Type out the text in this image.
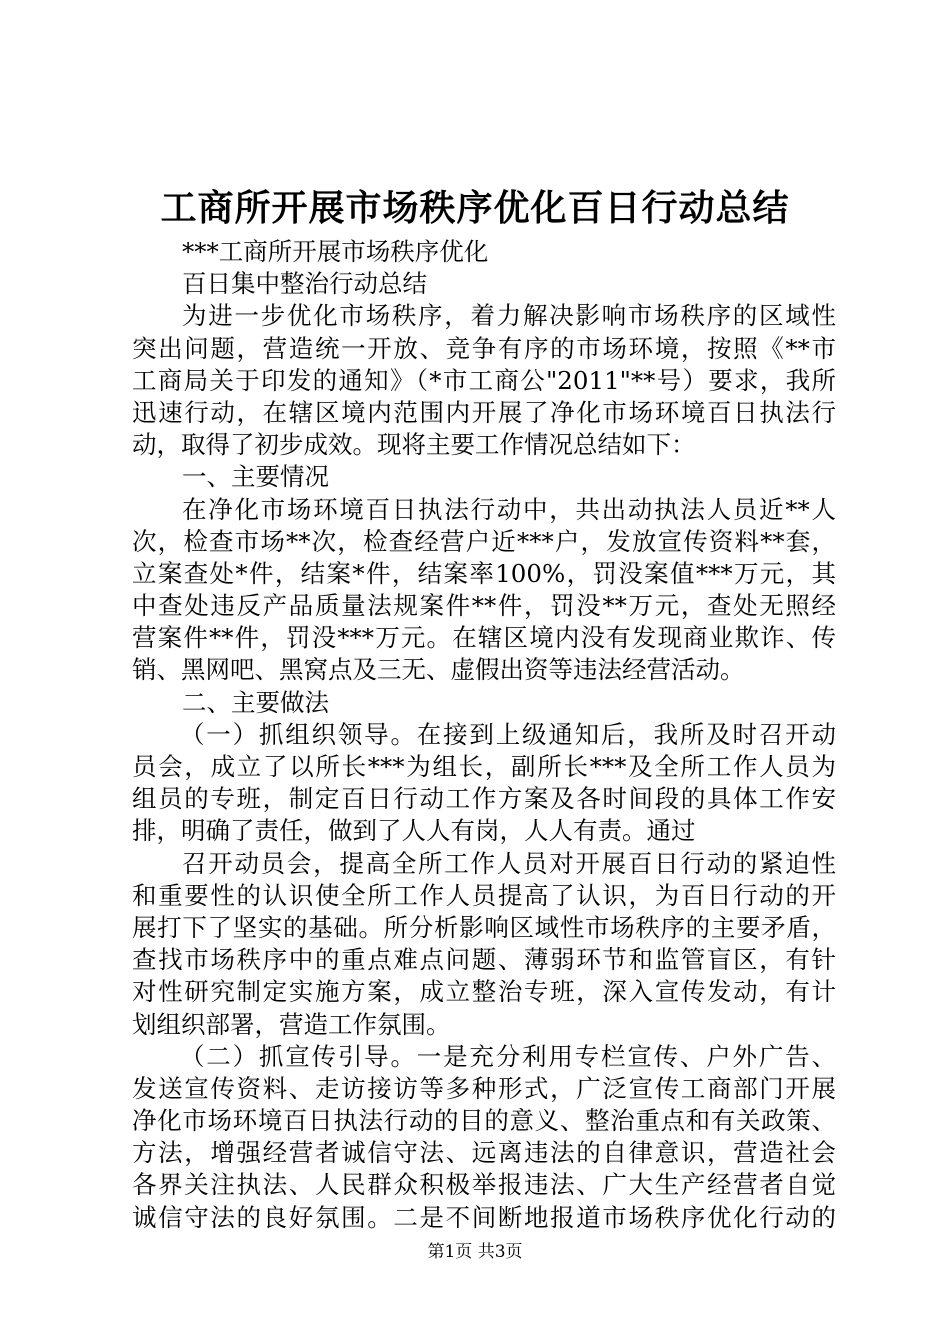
工商所开展市场秩序优化百日行动总结
***工商所开展市场秩序优化
百日集中整治行动总结
为进一步优化市场秩序，着力解决影响市场秩序的区域性
突出问题，营造统一开放、竞争有序的市场环境，按照《**市
工商局关于印发的通知》（*市工商公"2011"**号）要求，我所
迅速行动，在辖区境内范围内开展了净化市场环境百日执法行
动，取得了初步成效。现将主要工作情况总结如下：
一、主要情况
在净化市场环境百日执法行动中，共出动执法人员近**人
次，检查市场**次，检查经营户近***户，发放宣传资料**套，
立案查处*件，结案*件，结案率100%，罚没案值***万元，其
中查处违反产品质量法规案件**件，罚没**万元，查处无照经
营案件**件，罚没***万元。在辖区境内没有发现商业欺诈、传
销、黑网吧、黑窝点及三无、虚假出资等违法经营活动。
二、主要做法
（一）抓组织领导。在接到上级通知后，我所及时召开动
员会，成立了以所长***为组长，副所长***及全所工作人员为
组员的专班，制定百日行动工作方案及各时间段的具体工作安
排，明确了责任，做到了人人有岗，人人有责。通过
召开动员会，提高全所工作人员对开展百日行动的紧迫性
和重要性的认识使全所工作人员提高了认识，为百日行动的开
展打下了坚实的基础。所分析影响区域性市场秩序的主要矛盾，
查找市场秩序中的重点难点问题、薄弱环节和监管盲区，有针
对性研究制定实施方案，成立整治专班，深入宣传发动，有计
划组织部署，营造工作氛围。
（二）抓宣传引导。一是充分利用专栏宣传、户外广告、
发送宣传资料、走访接访等多种形式，广泛宣传工商部门开展
净化市场环境百日执法行动的目的意义、整治重点和有关政策、
方法，增强经营者诚信守法、远离违法的自律意识，营造社会
各界关注执法、人民群众积极举报违法、广大生产经营者自觉
诚信守法的良好氛围。二是不间断地报道市场秩序优化行动的
第1页 共3页
